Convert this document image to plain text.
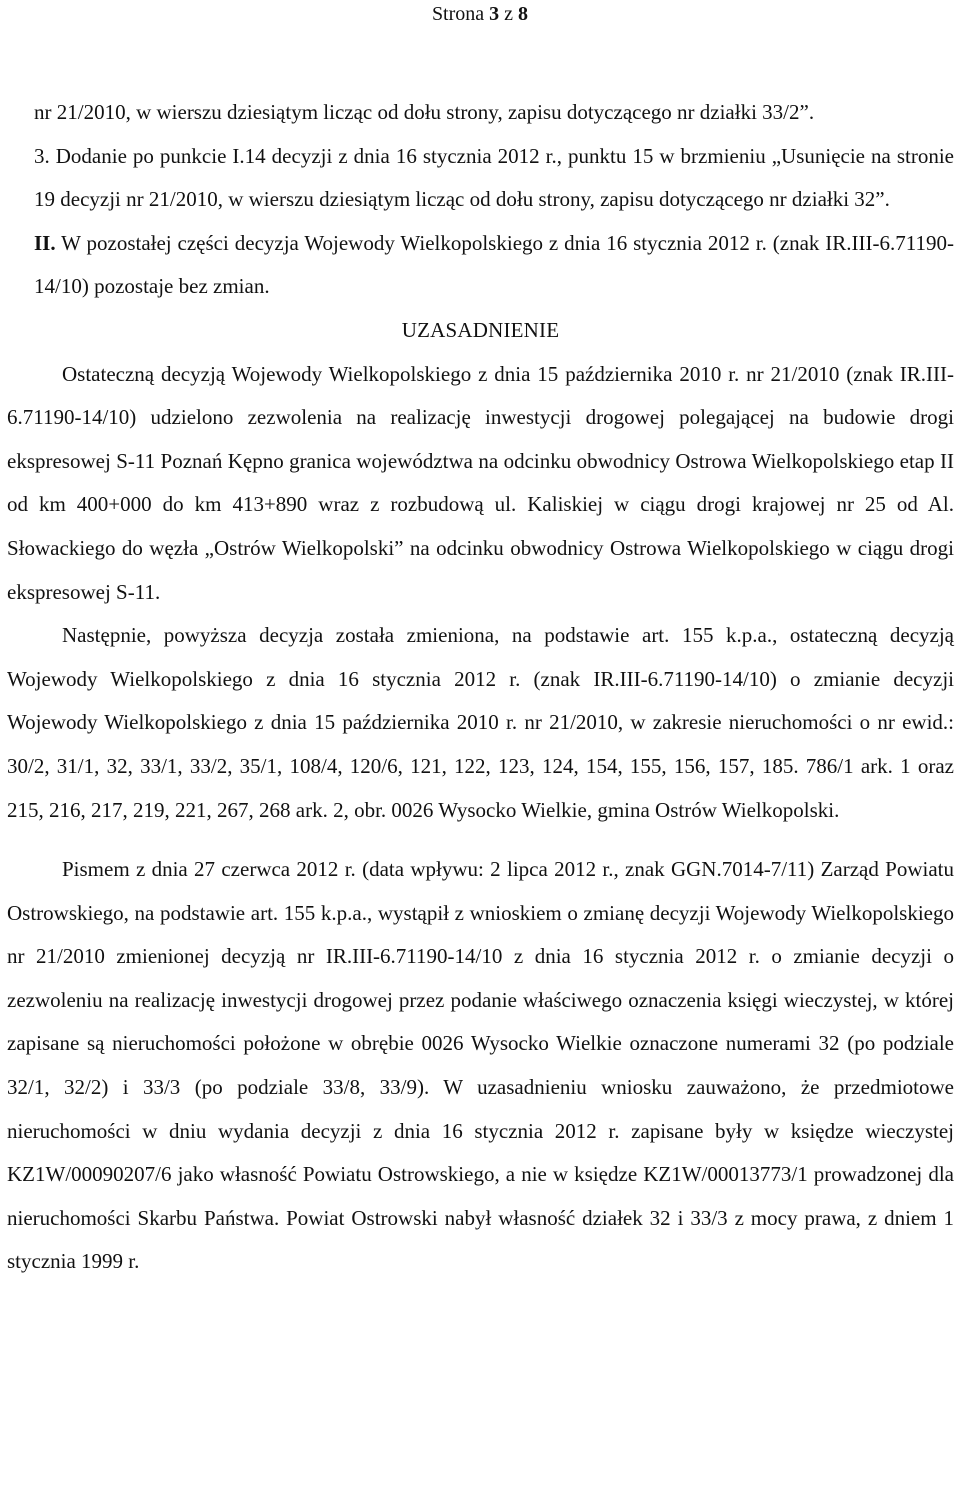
Strona 3 z 8

nr 21/2010, w wierszu dziesiątym licząc od dołu strony, zapisu dotyczącego nr działki 33/2”.

3. Dodanie po punkcie I.14 decyzji z dnia 16 stycznia 2012 r., punktu 15 w brzmieniu „Usunięcie na stronie 19 decyzji nr 21/2010, w wierszu dziesiątym licząc od dołu strony, zapisu dotyczącego nr działki 32”.

II. W pozostałej części decyzja Wojewody Wielkopolskiego z dnia 16 stycznia 2012 r. (znak IR.III-6.71190-14/10) pozostaje bez zmian.

UZASADNIENIE

Ostateczną decyzją Wojewody Wielkopolskiego z dnia 15 października 2010 r. nr 21/2010 (znak IR.III-6.71190-14/10) udzielono zezwolenia na realizację inwestycji drogowej polegającej na budowie drogi ekspresowej S-11 Poznań Kępno granica województwa na odcinku obwodnicy Ostrowa Wielkopolskiego etap II od km 400+000 do km 413+890 wraz z rozbudową ul. Kaliskiej w ciągu drogi krajowej nr 25 od Al. Słowackiego do węzła „Ostrów Wielkopolski” na odcinku obwodnicy Ostrowa Wielkopolskiego w ciągu drogi ekspresowej S-11.

Następnie, powyższa decyzja została zmieniona, na podstawie art. 155 k.p.a., ostateczną decyzją Wojewody Wielkopolskiego z dnia 16 stycznia 2012 r. (znak IR.III-6.71190-14/10) o zmianie decyzji Wojewody Wielkopolskiego z dnia 15 października 2010 r. nr 21/2010, w zakresie nieruchomości o nr ewid.: 30/2, 31/1, 32, 33/1, 33/2, 35/1, 108/4, 120/6, 121, 122, 123, 124, 154, 155, 156, 157, 185. 786/1 ark. 1 oraz 215, 216, 217, 219, 221, 267, 268 ark. 2, obr. 0026 Wysocko Wielkie, gmina Ostrów Wielkopolski.

Pismem z dnia 27 czerwca 2012 r. (data wpływu: 2 lipca 2012 r., znak GGN.7014-7/11) Zarząd Powiatu Ostrowskiego, na podstawie art. 155 k.p.a., wystąpił z wnioskiem o zmianę decyzji Wojewody Wielkopolskiego nr 21/2010 zmienionej decyzją nr IR.III-6.71190-14/10 z dnia 16 stycznia 2012 r. o zmianie decyzji o zezwoleniu na realizację inwestycji drogowej przez podanie właściwego oznaczenia księgi wieczystej, w której zapisane są nieruchomości położone w obrębie 0026 Wysocko Wielkie oznaczone numerami 32 (po podziale 32/1, 32/2) i 33/3 (po podziale 33/8, 33/9). W uzasadnieniu wniosku zauważono, że przedmiotowe nieruchomości w dniu wydania decyzji z dnia 16 stycznia 2012 r. zapisane były w księdze wieczystej KZ1W/00090207/6 jako własność Powiatu Ostrowskiego, a nie w księdze KZ1W/00013773/1 prowadzonej dla nieruchomości Skarbu Państwa. Powiat Ostrowski nabył własność działek 32 i 33/3 z mocy prawa, z dniem 1 stycznia 1999 r.
